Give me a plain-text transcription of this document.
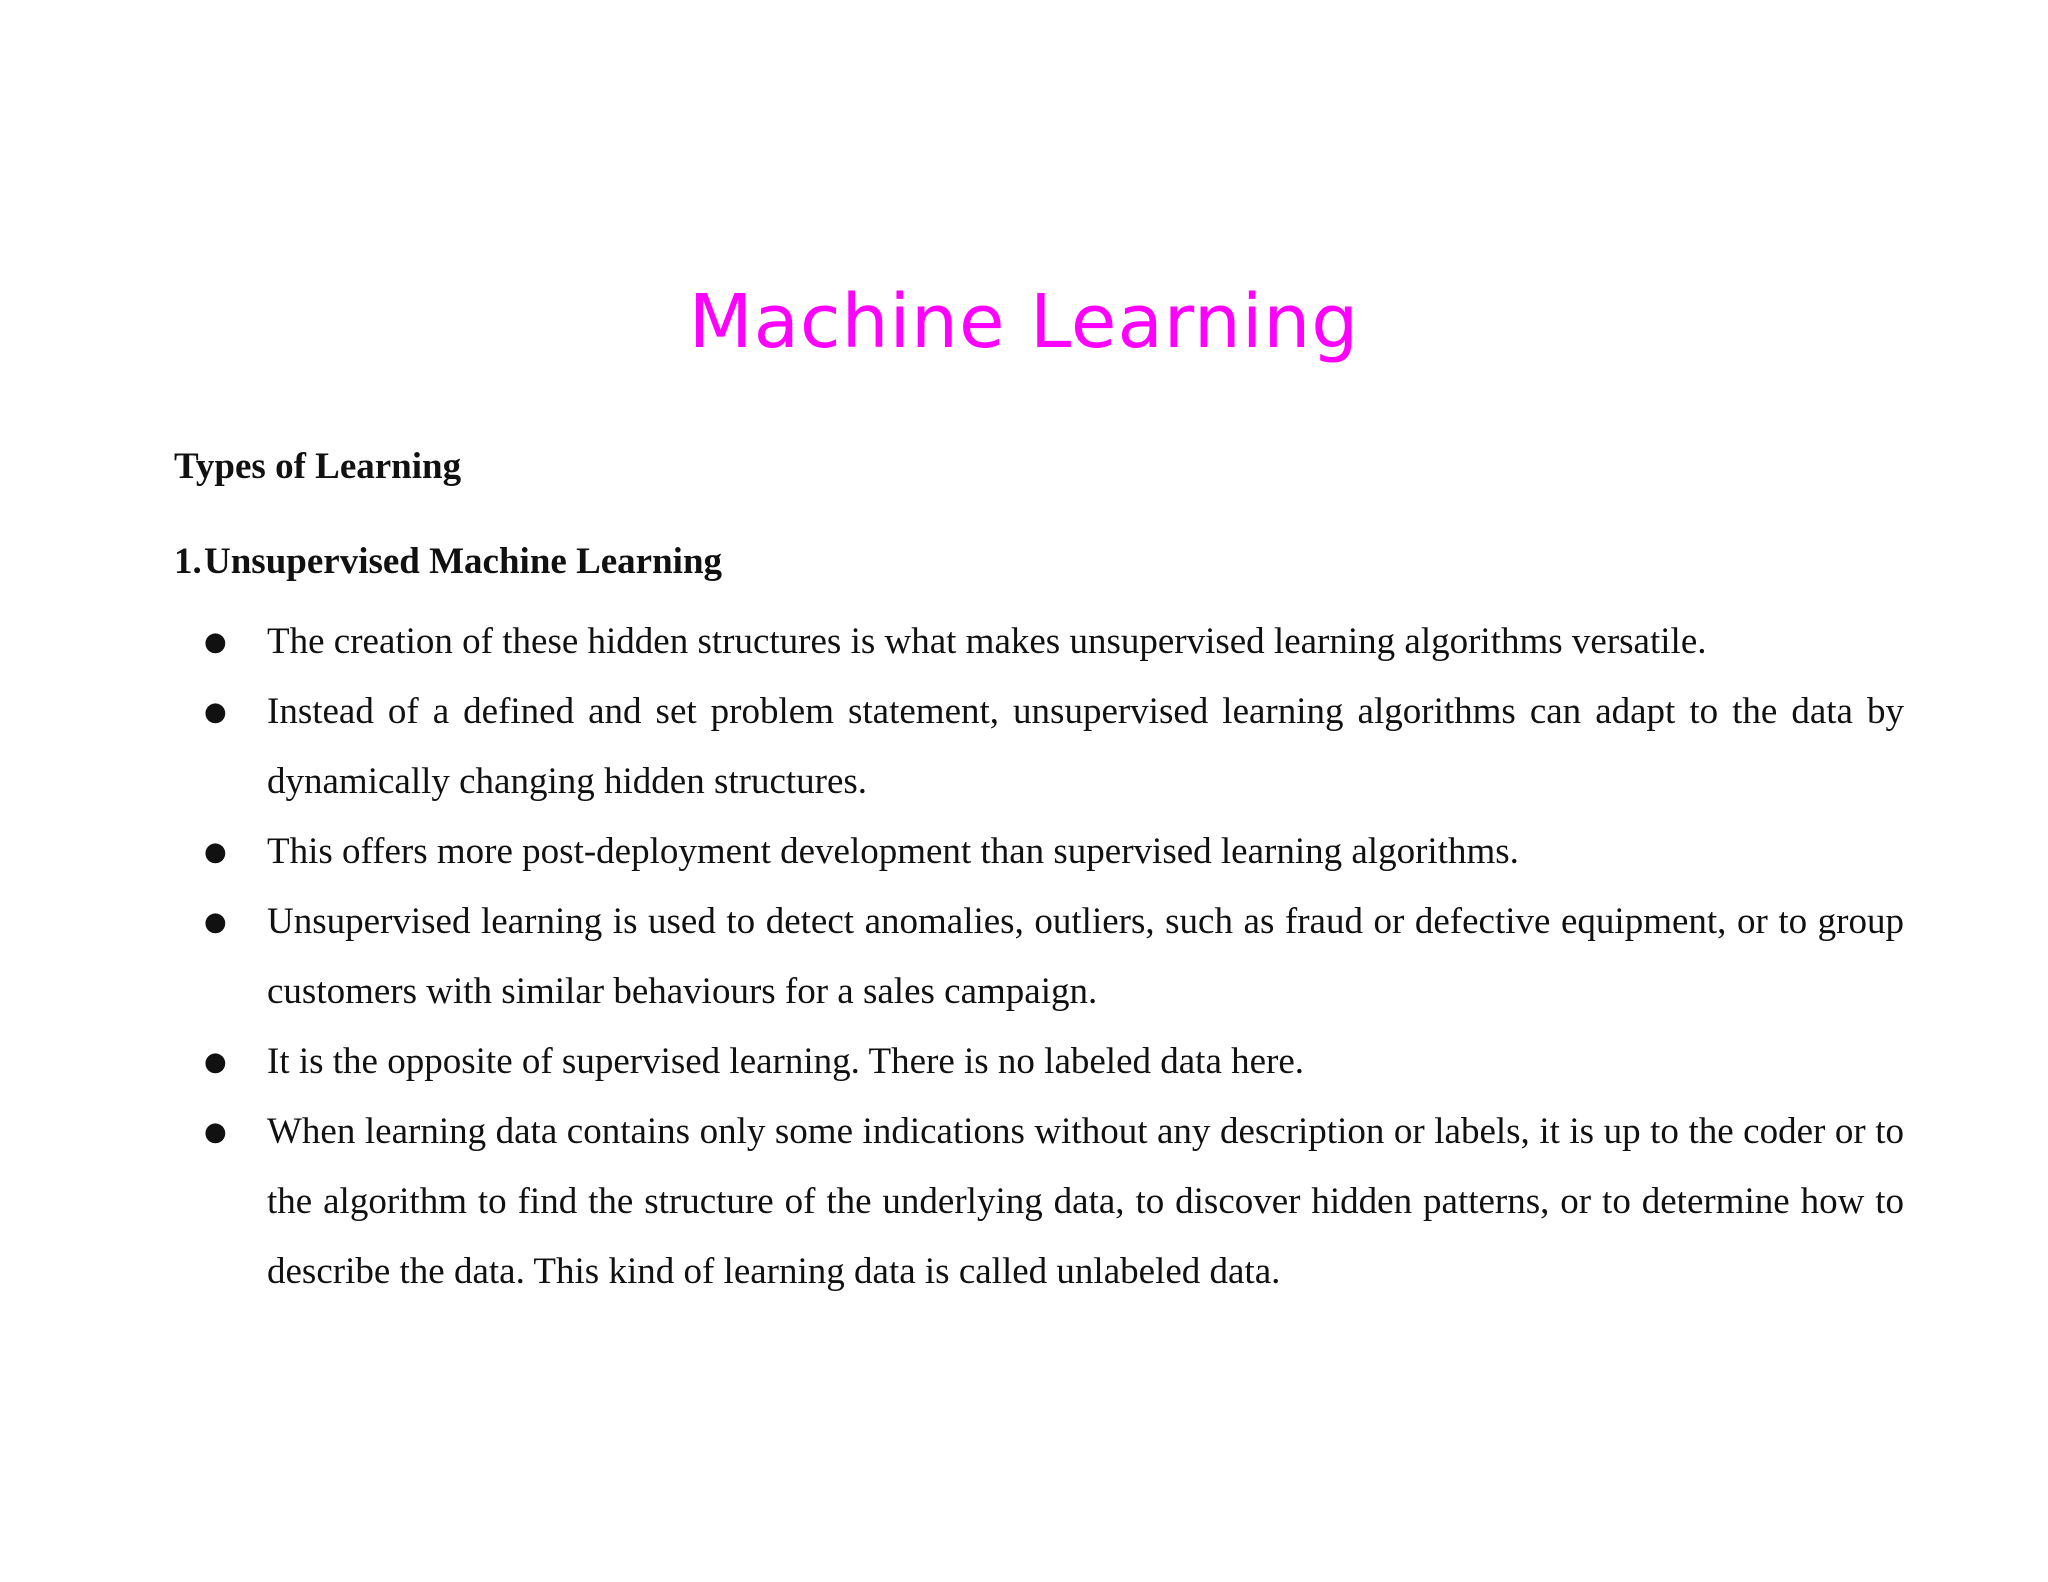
Machine Learning
Types of Learning
1.Unsupervised Machine Learning
● The creation of these hidden structures is what makes unsupervised learning algorithms versatile.
● Instead of a defined and set problem statement, unsupervised learning algorithms can adapt to the data by dynamically changing hidden structures.
● This offers more post-deployment development than supervised learning algorithms.
● Unsupervised learning is used to detect anomalies, outliers, such as fraud or defective equipment, or to group customers with similar behaviours for a sales campaign.
● It is the opposite of supervised learning. There is no labeled data here.
● When learning data contains only some indications without any description or labels, it is up to the coder or to the algorithm to find the structure of the underlying data, to discover hidden patterns, or to determine how to describe the data. This kind of learning data is called unlabeled data.
